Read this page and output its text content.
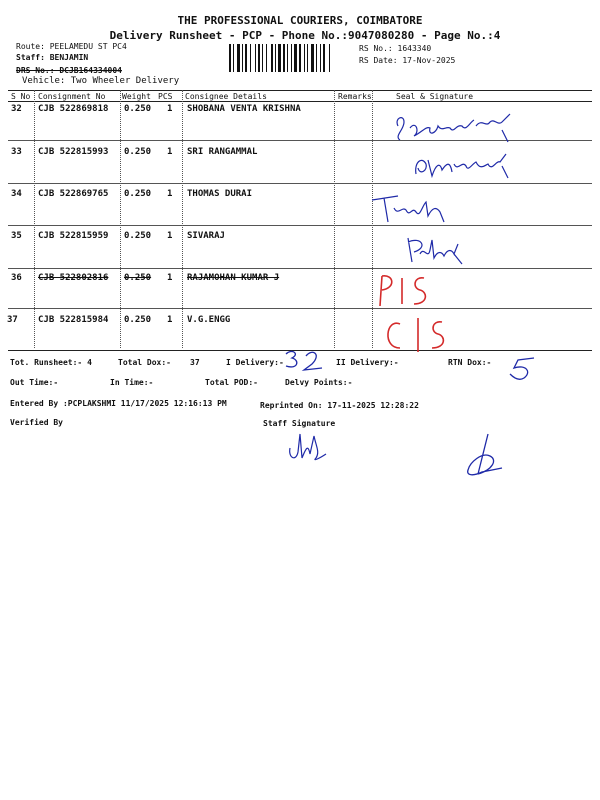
THE PROFESSIONAL COURIERS, COIMBATORE
Delivery Runsheet - PCP - Phone No.:9047080280 - Page No.:4
Route: PEELAMEDU ST PC4
Staff: BENJAMIN
DRS No.: DCJB164334004
Vehicle: Two Wheeler Delivery
RS No.: 1643340
RS Date: 17-Nov-2025
S No Consignment No Weight PCS Consignee Details	Remarks	Seal & Signature
32 CJB 522869818 0.250 1 SHOBANA VENTA KRISHNA
33 CJB 522815993 0.250 1 SRI RANGAMMAL
34 CJB 522869765 0.250 1 THOMAS DURAI
35 CJB 522815959 0.250 1 SIVARAJ
36 CJB 522802816 0.250 1 RAJAMOHAN KUMAR J
37 CJB 522815984 0.250 1 V.G.ENGG
Tot. Runsheet:- 4	Total Dox:- 37	I Delivery:-	II Delivery:-	RTN Dox:-
Out Time:-	In Time:-	Total POD:-	Delvy Points:-
Entered By :PCPLAKSHMI 11/17/2025 12:16:13 PM	Reprinted On: 17-11-2025 12:28:22
Verified By	Staff Signature
